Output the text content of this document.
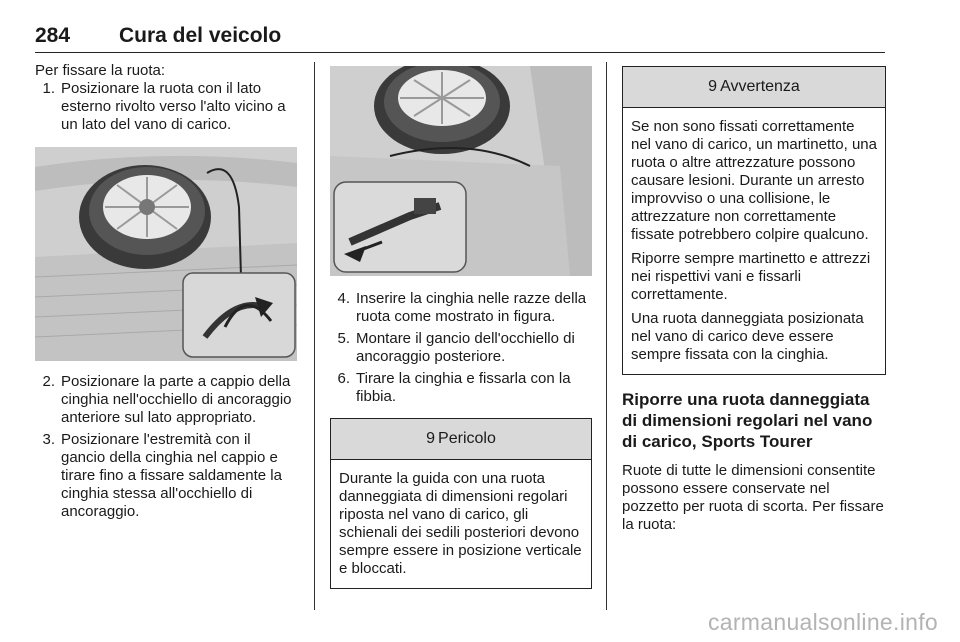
284 Cura del veicolo

Per fissare la ruota:

1. Posizionare la ruota con il lato esterno rivolto verso l'alto vicino a un lato del vano di carico.
2. Posizionare la parte a cappio della cinghia nell'occhiello di ancoraggio anteriore sul lato appropriato.
3. Posizionare l'estremità con il gancio della cinghia nel cappio e tirare fino a fissare saldamente la cinghia stessa all'occhiello di ancoraggio.
4. Inserire la cinghia nelle razze della ruota come mostrato in figura.
5. Montare il gancio dell'occhiello di ancoraggio posteriore.
6. Tirare la cinghia e fissarla con la fibbia.
9 Pericolo

Durante la guida con una ruota danneggiata di dimensioni regolari riposta nel vano di carico, gli schienali dei sedili posteriori devono sempre essere in posizione verticale e bloccati.

9 Avvertenza

Se non sono fissati correttamente nel vano di carico, un martinetto, una ruota o altre attrezzature possono causare lesioni. Durante un arresto improvviso o una collisione, le attrezzature non correttamente fissate potrebbero colpire qualcuno.

Riporre sempre martinetto e attrezzi nei rispettivi vani e fissarli correttamente.

Una ruota danneggiata posizionata nel vano di carico deve essere sempre fissata con la cinghia.

Riporre una ruota danneggiata di dimensioni regolari nel vano di carico, Sports Tourer

Ruote di tutte le dimensioni consentite possono essere conservate nel pozzetto per ruota di scorta. Per fissare la ruota:

carmanualsonline.info
